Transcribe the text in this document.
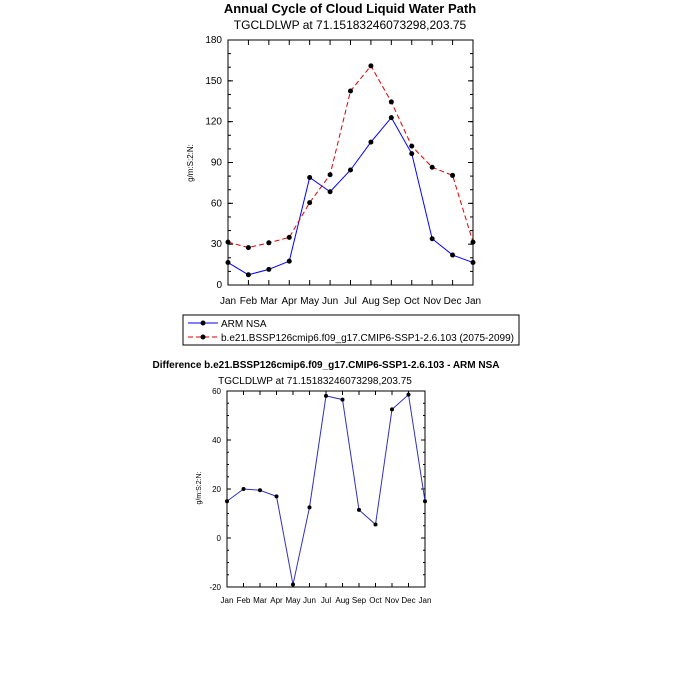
Annual Cycle of Cloud Liquid Water Path
TGCLDLWP at 71.15183246073298,203.75
g/m:S:2:N:
Jan Feb Mar Apr May Jun Jul Aug Sep Oct Nov Dec Jan
0
30
60
90
120
150
180
ARM NSA
b.e21.BSSP126cmip6.f09_g17.CMIP6-SSP1-2.6.103 (2075-2099)
Difference b.e21.BSSP126cmip6.f09_g17.CMIP6-SSP1-2.6.103 - ARM NSA
TGCLDLWP at 71.15183246073298,203.75
g/m:S:2:N:
Jan Feb Mar Apr May Jun Jul Aug Sep Oct Nov Dec Jan
-20
0
20
40
60
